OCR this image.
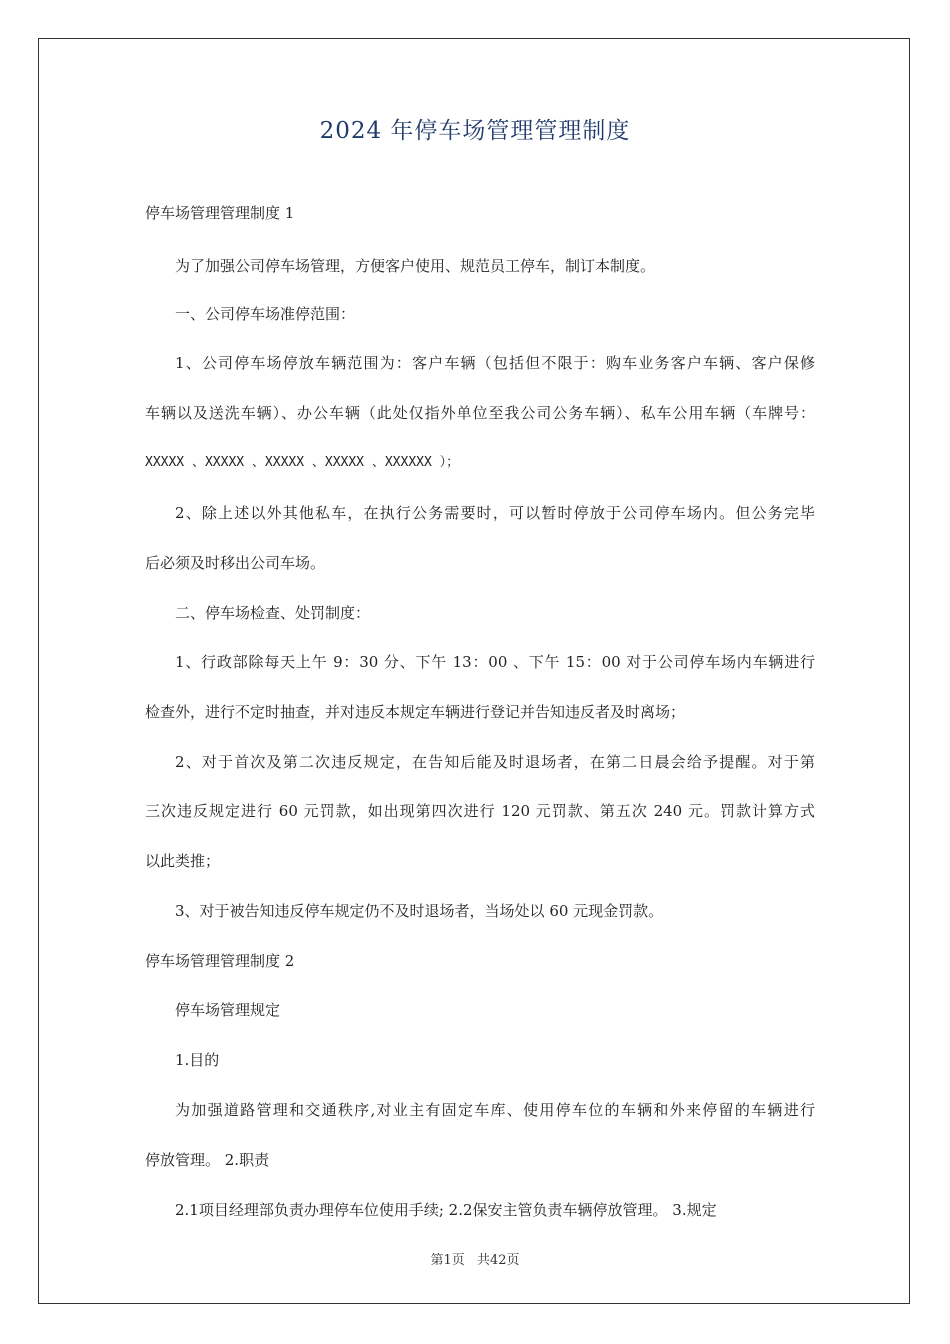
2024 年停车场管理管理制度
停车场管理管理制度 1
为了加强公司停车场管理，方便客户使用、规范员工停车，制订本制度。
一、公司停车场准停范围：
1、公司停车场停放车辆范围为：客户车辆（包括但不限于：购车业务客户车辆、客户保修
车辆以及送洗车辆）、办公车辆（此处仅指外单位至我公司公务车辆）、私车公用车辆（车牌号：
XXXXX 、XXXXX 、XXXXX 、XXXXX 、XXXXXX ）；
2、除上述以外其他私车，在执行公务需要时，可以暂时停放于公司停车场内。但公务完毕
后必须及时移出公司车场。
二、停车场检查、处罚制度：
1、行政部除每天上午 9：30 分、下午 13：00 、下午 15：00 对于公司停车场内车辆进行
检查外，进行不定时抽查，并对违反本规定车辆进行登记并告知违反者及时离场；
2、对于首次及第二次违反规定，在告知后能及时退场者，在第二日晨会给予提醒。对于第
三次违反规定进行 60 元罚款，如出现第四次进行 120 元罚款、第五次 240 元。罚款计算方式
以此类推；
3、对于被告知违反停车规定仍不及时退场者，当场处以 60 元现金罚款。
停车场管理管理制度 2
停车场管理规定
1.目的
为加强道路管理和交通秩序,对业主有固定车库、使用停车位的车辆和外来停留的车辆进行
停放管理。 2.职责
2.1项目经理部负责办理停车位使用手续; 2.2保安主管负责车辆停放管理。 3.规定
第1页 共42页
